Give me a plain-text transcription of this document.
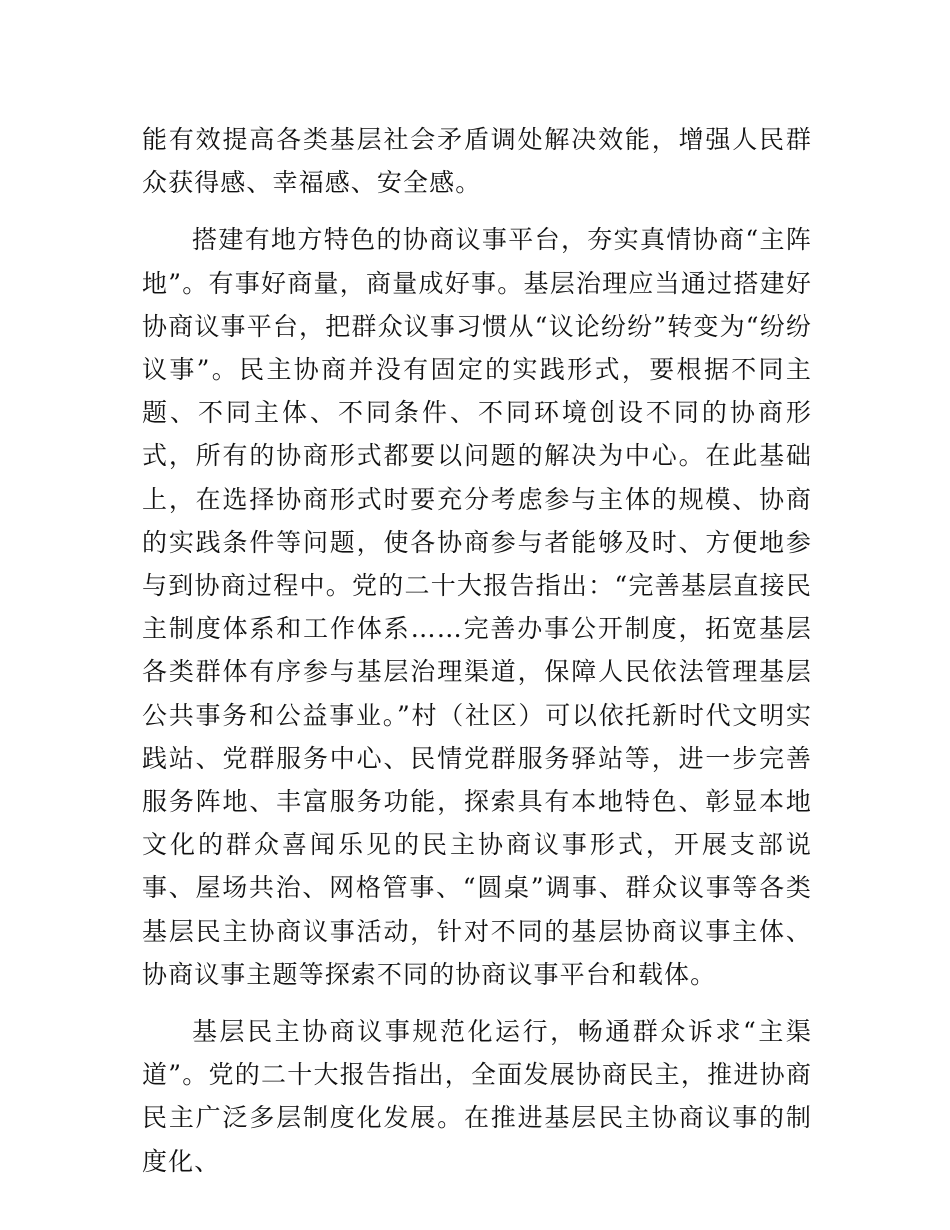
能有效提高各类基层社会矛盾调处解决效能，增强人民群众获得感、幸福感、安全感。

搭建有地方特色的协商议事平台，夯实真情协商“主阵地”。有事好商量，商量成好事。基层治理应当通过搭建好协商议事平台，把群众议事习惯从“议论纷纷”转变为“纷纷议事”。民主协商并没有固定的实践形式，要根据不同主题、不同主体、不同条件、不同环境创设不同的协商形式，所有的协商形式都要以问题的解决为中心。在此基础上，在选择协商形式时要充分考虑参与主体的规模、协商的实践条件等问题，使各协商参与者能够及时、方便地参与到协商过程中。党的二十大报告指出：“完善基层直接民主制度体系和工作体系……完善办事公开制度，拓宽基层各类群体有序参与基层治理渠道，保障人民依法管理基层公共事务和公益事业。”村（社区）可以依托新时代文明实践站、党群服务中心、民情党群服务驿站等，进一步完善服务阵地、丰富服务功能，探索具有本地特色、彰显本地文化的群众喜闻乐见的民主协商议事形式，开展支部说事、屋场共治、网格管事、“圆桌”调事、群众议事等各类基层民主协商议事活动，针对不同的基层协商议事主体、协商议事主题等探索不同的协商议事平台和载体。

基层民主协商议事规范化运行，畅通群众诉求“主渠道”。党的二十大报告指出，全面发展协商民主，推进协商民主广泛多层制度化发展。在推进基层民主协商议事的制度化、
